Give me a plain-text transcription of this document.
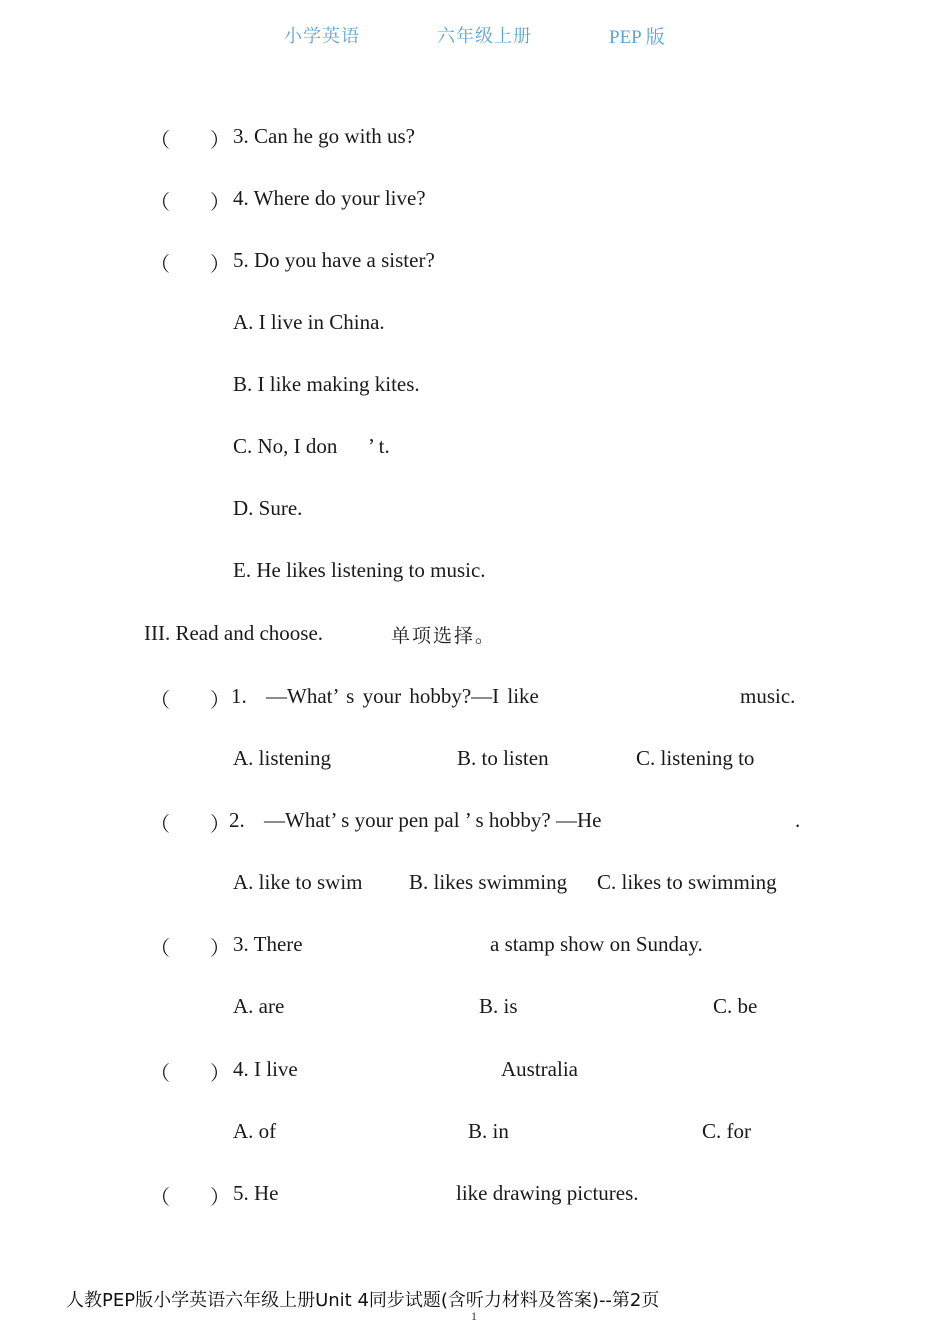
小学英语	六年级上册	PEP 版
（ ） 3. Can he go with us?
（ ） 4. Where do your live?
（ ） 5. Do you have a sister?
A. I live in China.
B. I like making kites.
C. No, I don ’ t.
D. Sure.
E. He likes listening to music.
III. Read and choose.	单项选择。
（ ） 1. —What’ s your hobby?—I like	music.
A. listening	B. to listen	C. listening to
（ ） 2. —What’ s your pen pal ’ s hobby? —He	.
A. like to swim B. likes swimming C. likes to swimming
（ ） 3. There	a stamp show on Sunday.
A. are	B. is	C. be
（ ） 4. I live	Australia
A. of	B. in	C. for
（ ） 5. He	like drawing pictures.
人教PEP版小学英语六年级上册Unit 4同步试题(含听力材料及答案)--第2页
1
